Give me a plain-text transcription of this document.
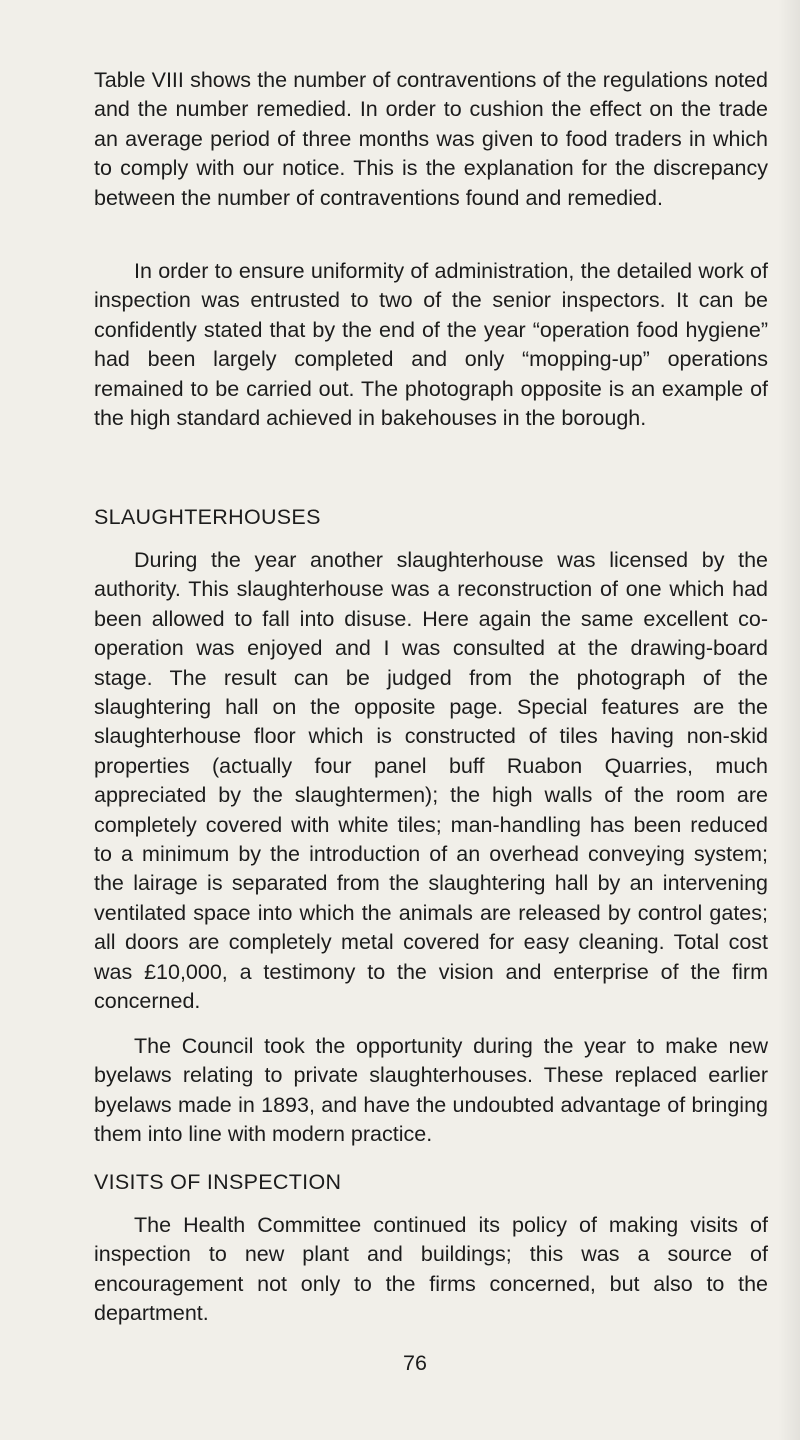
Table VIII shows the number of contraventions of the regulations noted and the number remedied. In order to cushion the effect on the trade an average period of three months was given to food traders in which to comply with our notice. This is the explanation for the discrepancy between the number of contraventions found and remedied.

In order to ensure uniformity of administration, the detailed work of inspection was entrusted to two of the senior inspectors. It can be confidently stated that by the end of the year “operation food hygiene” had been largely completed and only “mopping-up” operations remained to be carried out. The photograph opposite is an example of the high standard achieved in bakehouses in the borough.

SLAUGHTERHOUSES

During the year another slaughterhouse was licensed by the authority. This slaughterhouse was a reconstruction of one which had been allowed to fall into disuse. Here again the same excellent co-operation was enjoyed and I was consulted at the drawing-board stage. The result can be judged from the photograph of the slaughtering hall on the opposite page. Special features are the slaughterhouse floor which is constructed of tiles having non-skid properties (actually four panel buff Ruabon Quarries, much appreciated by the slaughtermen); the high walls of the room are completely covered with white tiles; man-handling has been reduced to a minimum by the introduction of an overhead conveying system; the lairage is separated from the slaughtering hall by an intervening ventilated space into which the animals are released by control gates; all doors are completely metal covered for easy cleaning. Total cost was £10,000, a testimony to the vision and enterprise of the firm concerned.

The Council took the opportunity during the year to make new byelaws relating to private slaughterhouses. These replaced earlier byelaws made in 1893, and have the undoubted advantage of bringing them into line with modern practice.

VISITS OF INSPECTION

The Health Committee continued its policy of making visits of inspection to new plant and buildings; this was a source of encouragement not only to the firms concerned, but also to the department.

76
